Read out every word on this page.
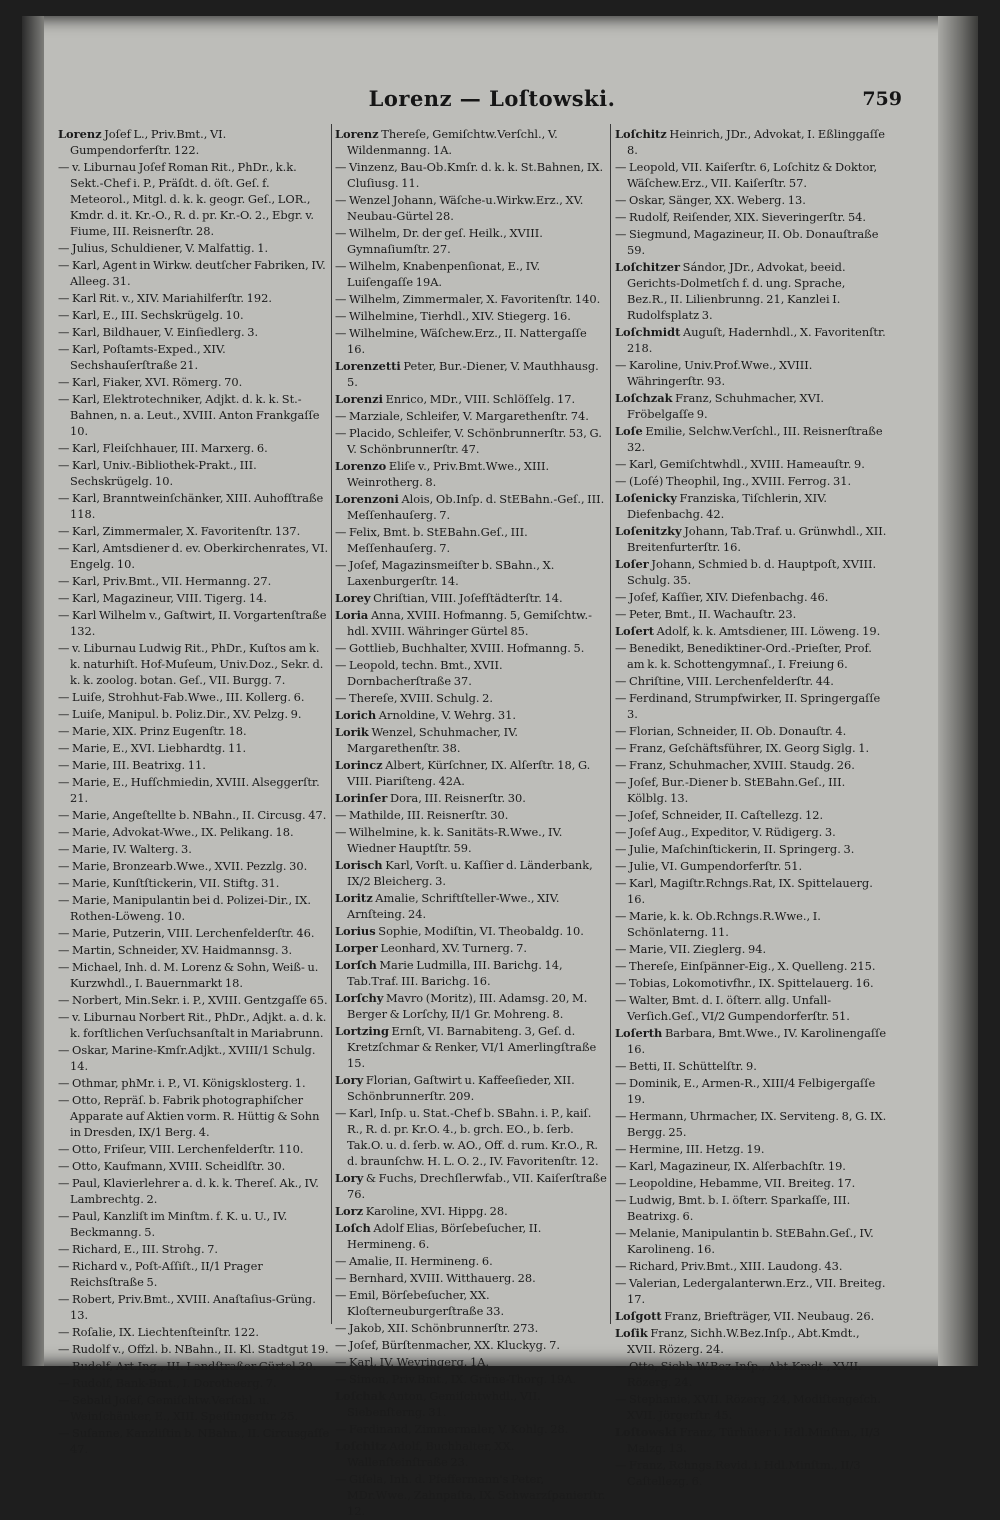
Lorenz — Loſtowski.	759
Lorenz Joſef L., Priv.Bmt., VI. Gumpendorferſtr. 122.
— v. Liburnau Joſef Roman Rit., PhDr., k.k. Sekt.-Chef i. P., Präſdt. d. öſt. Geſ. f. Meteorol., Mitgl. d. k. k. geogr. Geſ., LOR., Kmdr. d. it. Kr.-O., R. d. pr. Kr.-O. 2., Ebgr. v. Fiume, III. Reisnerſtr. 28.
— Julius, Schuldiener, V. Malfattig. 1.
— Karl, Agent in Wirkw. deutſcher Fabriken, IV. Alleeg. 31.
— Karl Rit. v., XIV. Mariahilferſtr. 192.
— Karl, E., III. Sechskrügelg. 10.
— Karl, Bildhauer, V. Einſiedlerg. 3.
— Karl, Poſtamts-Exped., XIV. Sechshauſerſtraße 21.
— Karl, Fiaker, XVI. Römerg. 70.
— Karl, Elektrotechniker, Adjkt. d. k. k. St.-Bahnen, n. a. Leut., XVIII. Anton Frankgaſſe 10.
— Karl, Fleiſchhauer, III. Marxerg. 6.
— Karl, Univ.-Bibliothek-Prakt., III. Sechskrügelg. 10.
— Karl, Branntweinſchänker, XIII. Auhofſtraße 118.
— Karl, Zimmermaler, X. Favoritenſtr. 137.
— Karl, Amtsdiener d. ev. Oberkirchenrates, VI. Engelg. 10.
— Karl, Priv.Bmt., VII. Hermanng. 27.
— Karl, Magazineur, VIII. Tigerg. 14.
— Karl Wilhelm v., Gaſtwirt, II. Vorgartenſtraße 132.
— v. Liburnau Ludwig Rit., PhDr., Kuſtos am k. k. naturhiſt. Hof-Muſeum, Univ.Doz., Sekr. d. k. k. zoolog. botan. Geſ., VII. Burgg. 7.
— Luiſe, Strohhut-Fab.Wwe., III. Kollerg. 6.
— Luiſe, Manipul. b. Poliz.Dir., XV. Pelzg. 9.
— Marie, XIX. Prinz Eugenſtr. 18.
— Marie, E., XVI. Liebhardtg. 11.
— Marie, III. Beatrixg. 11.
— Marie, E., Hufſchmiedin, XVIII. Alseggerſtr. 21.
— Marie, Angeſtellte b. NBahn., II. Circusg. 47.
— Marie, Advokat-Wwe., IX. Pelikang. 18.
— Marie, IV. Walterg. 3.
— Marie, Bronzearb.Wwe., XVII. Pezzlg. 30.
— Marie, Kunſtſtickerin, VII. Stiftg. 31.
— Marie, Manipulantin bei d. Polizei-Dir., IX. Rothen-Löweng. 10.
— Marie, Putzerin, VIII. Lerchenfelderſtr. 46.
— Martin, Schneider, XV. Haidmannsg. 3.
— Michael, Inh. d. M. Lorenz & Sohn, Weiß- u. Kurzwhdl., I. Bauernmarkt 18.
— Norbert, Min.Sekr. i. P., XVIII. Gentzgaſſe 65.
— v. Liburnau Norbert Rit., PhDr., Adjkt. a. d. k. k. forſtlichen Verſuchsanſtalt in Mariabrunn.
— Oskar, Marine-Kmſr.Adjkt., XVIII/1 Schulg. 14.
— Othmar, phMr. i. P., VI. Königsklosterg. 1.
— Otto, Repräſ. b. Fabrik photographiſcher Apparate auf Aktien vorm. R. Hüttig & Sohn in Dresden, IX/1 Berg. 4.
— Otto, Friſeur, VIII. Lerchenfelderſtr. 110.
— Otto, Kaufmann, XVIII. Scheidlſtr. 30.
— Paul, Klavierlehrer a. d. k. k. Thereſ. Ak., IV. Lambrechtg. 2.
— Paul, Kanzliſt im Minſtm. f. K. u. U., IV. Beckmanng. 5.
— Richard, E., III. Strohg. 7.
— Richard v., Poſt-Aſſiſt., II/1 Prager Reichsſtraße 5.
— Robert, Priv.Bmt., XVIII. Anaſtaſius-Grüng. 13.
— Roſalie, IX. Liechtenſteinſtr. 122.
— Rudolf v., Offzl. b. NBahn., II. Kl. Stadtgut 19.
— Rudolf, Art.Ing., III. Landſtraßer Gürtel 39.
— Rudolf, Bank-Bmt., I. Dorotheerg. 7.
— Sebald Joſef, Gemiſchtw.Verſchl. u. Weinſchänker, E., XIII. Speiſingerſtr. 25.
— Suſanne, Kanzliſtin b. NBahn., II. Circusgaſſe 47.
Lorenz Thereſe, Gemiſchtw.Verſchl., V. Wildenmanng. 1A.
— Vinzenz, Bau-Ob.Kmſr. d. k. k. St.Bahnen, IX. Cluſiusg. 11.
— Wenzel Johann, Wäſche-u.Wirkw.Erz., XV. Neubau-Gürtel 28.
— Wilhelm, Dr. der geſ. Heilk., XVIII. Gymnaſiumſtr. 27.
— Wilhelm, Knabenpenſionat, E., IV. Luiſengaſſe 19A.
— Wilhelm, Zimmermaler, X. Favoritenſtr. 140.
— Wilhelmine, Tierhdl., XIV. Stiegerg. 16.
— Wilhelmine, Wäſchew.Erz., II. Nattergaſſe 16.
Lorenzetti Peter, Bur.-Diener, V. Mauthhausg. 5.
Lorenzi Enrico, MDr., VIII. Schlöſſelg. 17.
— Marziale, Schleifer, V. Margarethenſtr. 74.
— Placido, Schleifer, V. Schönbrunnerſtr. 53, G. V. Schönbrunnerſtr. 47.
Lorenzo Eliſe v., Priv.Bmt.Wwe., XIII. Weinrotherg. 8.
Lorenzoni Alois, Ob.Inſp. d. StEBahn.-Geſ., III. Meſſenhauſerg. 7.
— Felix, Bmt. b. StEBahn.Geſ., III. Meſſenhauſerg. 7.
— Joſef, Magazinsmeiſter b. SBahn., X. Laxenburgerſtr. 14.
Lorey Chriſtian, VIII. Joſefſtädterſtr. 14.
Loria Anna, XVIII. Hofmanng. 5, Gemiſchtw.-hdl. XVIII. Währinger Gürtel 85.
— Gottlieb, Buchhalter, XVIII. Hofmanng. 5.
— Leopold, techn. Bmt., XVII. Dornbacherſtraße 37.
— Thereſe, XVIII. Schulg. 2.
Lorich Arnoldine, V. Wehrg. 31.
Lorik Wenzel, Schuhmacher, IV. Margarethenſtr. 38.
Lorincz Albert, Kürſchner, IX. Alſerſtr. 18, G. VIII. Piariſteng. 42A.
Lorinſer Dora, III. Reisnerſtr. 30.
— Mathilde, III. Reisnerſtr. 30.
— Wilhelmine, k. k. Sanitäts-R.Wwe., IV. Wiedner Hauptſtr. 59.
Lorisch Karl, Vorſt. u. Kaſſier d. Länderbank, IX/2 Bleicherg. 3.
Loritz Amalie, Schriftſteller-Wwe., XIV. Arnſteing. 24.
Lorius Sophie, Modiſtin, VI. Theobaldg. 10.
Lorper Leonhard, XV. Turnerg. 7.
Lorſch Marie Ludmilla, III. Barichg. 14, Tab.Traf. III. Barichg. 16.
Lorſchy Mavro (Moritz), III. Adamsg. 20, M. Berger & Lorſchy, II/1 Gr. Mohreng. 8.
Lortzing Ernſt, VI. Barnabiteng. 3, Geſ. d. Kretzſchmar & Renker, VI/1 Amerlingſtraße 15.
Lory Florian, Gaſtwirt u. Kaffeeſieder, XII. Schönbrunnerſtr. 209.
— Karl, Inſp. u. Stat.-Chef b. SBahn. i. P., kaiſ. R., R. d. pr. Kr.O. 4., b. grch. EO., b. ſerb. Tak.O. u. d. ſerb. w. AO., Off. d. rum. Kr.O., R. d. braunſchw. H. L. O. 2., IV. Favoritenſtr. 12.
Lory & Fuchs, Drechſlerwfab., VII. Kaiſerſtraße 76.
Lorz Karoline, XVI. Hippg. 28.
Loſch Adolf Elias, Börſebeſucher, II. Hermineng. 6.
— Amalie, II. Hermineng. 6.
— Bernhard, XVIII. Witthauerg. 28.
— Emil, Börſebeſucher, XX. Kloſterneuburgerſtraße 33.
— Jakob, XII. Schönbrunnerſtr. 273.
— Joſef, Bürſtenmacher, XX. Kluckyg. 7.
— Karl, IV. Weyringerg. 1A.
— Simon, Priv.Bmt., IX. Grüne-Thorg. 19A.
Loſchak Anton, Gemiſchtwhdl., VII. Siebenſterng. 31.
— Ferdinand, Zimmermaler, V. Kohlg. 28.
Loſchitz Adolf, Buchhalter, XX. Wallenſteinſtraße 23.
— Giſela, Inh. d. Pfeffermann's Peter, MDr.Wwe., Zahnpaſta, IX. Schwarzſpanierſtr. 12.
Loſchitz Heinrich, JDr., Advokat, I. Eßlinggaſſe 8.
— Leopold, VII. Kaiſerſtr. 6, Loſchitz & Doktor, Wäſchew.Erz., VII. Kaiſerſtr. 57.
— Oskar, Sänger, XX. Weberg. 13.
— Rudolf, Reiſender, XIX. Sieveringerſtr. 54.
— Siegmund, Magazineur, II. Ob. Donauſtraße 59.
Loſchitzer Sándor, JDr., Advokat, beeid. Gerichts-Dolmetſch f. d. ung. Sprache, Bez.R., II. Lilienbrunng. 21, Kanzlei I. Rudolfsplatz 3.
Loſchmidt Auguſt, Hadernhdl., X. Favoritenſtr. 218.
— Karoline, Univ.Prof.Wwe., XVIII. Währingerſtr. 93.
Loſchzak Franz, Schuhmacher, XVI. Fröbelgaſſe 9.
Loſe Emilie, Selchw.Verſchl., III. Reisnerſtraße 32.
— Karl, Gemiſchtwhdl., XVIII. Hameauſtr. 9.
— (Loſé) Theophil, Ing., XVIII. Ferrog. 31.
Loſenicky Franziska, Tiſchlerin, XIV. Diefenbachg. 42.
Loſenitzky Johann, Tab.Traf. u. Grünwhdl., XII. Breitenfurterſtr. 16.
Loſer Johann, Schmied b. d. Hauptpoſt, XVIII. Schulg. 35.
— Joſef, Kaſſier, XIV. Diefenbachg. 46.
— Peter, Bmt., II. Wachauſtr. 23.
Loſert Adolf, k. k. Amtsdiener, III. Löweng. 19.
— Benedikt, Benediktiner-Ord.-Prieſter, Prof. am k. k. Schottengymnaſ., I. Freiung 6.
— Chriſtine, VIII. Lerchenfelderſtr. 44.
— Ferdinand, Strumpfwirker, II. Springergaſſe 3.
— Florian, Schneider, II. Ob. Donauſtr. 4.
— Franz, Geſchäftsführer, IX. Georg Siglg. 1.
— Franz, Schuhmacher, XVIII. Staudg. 26.
— Joſef, Bur.-Diener b. StEBahn.Geſ., III. Kölblg. 13.
— Joſef, Schneider, II. Caſtellezg. 12.
— Joſef Aug., Expeditor, V. Rüdigerg. 3.
— Julie, Maſchinſtickerin, II. Springerg. 3.
— Julie, VI. Gumpendorferſtr. 51.
— Karl, Magiſtr.Rchngs.Rat, IX. Spittelauerg. 16.
— Marie, k. k. Ob.Rchngs.R.Wwe., I. Schönlaterng. 11.
— Marie, VII. Zieglerg. 94.
— Thereſe, Einſpänner-Eig., X. Quelleng. 215.
— Tobias, Lokomotivfhr., IX. Spittelauerg. 16.
— Walter, Bmt. d. I. öſterr. allg. Unfall-Verſich.Geſ., VI/2 Gumpendorferſtr. 51.
Loſerth Barbara, Bmt.Wwe., IV. Karolinengaſſe 16.
— Betti, II. Schüttelſtr. 9.
— Dominik, E., Armen-R., XIII/4 Felbigergaſſe 19.
— Hermann, Uhrmacher, IX. Serviteng. 8, G. IX. Bergg. 25.
— Hermine, III. Hetzg. 19.
— Karl, Magazineur, IX. Alſerbachſtr. 19.
— Leopoldine, Hebamme, VII. Breiteg. 17.
— Ludwig, Bmt. b. I. öſterr. Sparkaſſe, III. Beatrixg. 6.
— Melanie, Manipulantin b. StEBahn.Geſ., IV. Karolineng. 16.
— Richard, Priv.Bmt., XIII. Laudong. 43.
— Valerian, Ledergalanterwn.Erz., VII. Breiteg. 17.
Loſgott Franz, Briefträger, VII. Neubaug. 26.
Loſik Franz, Sichh.W.Bez.Inſp., Abt.Kmdt., XVII. Rözerg. 24.
— Otto, Sichh.W.Bez.Inſp., Abt.Kmdt., XVII. Rözerg. 24.
— Stephanie, XVII. Rözerg. 24, Modiſtengeſch. XVII. Jörgerſtr. 45.
Loſtowski Franz, Türhüter i. Hdl.Minſtm., II/3 Malzg. 13.
— Franz, Rchngs.Revid. i. Hdl.Minſtm., II/3 Caſtellezg. 6.
